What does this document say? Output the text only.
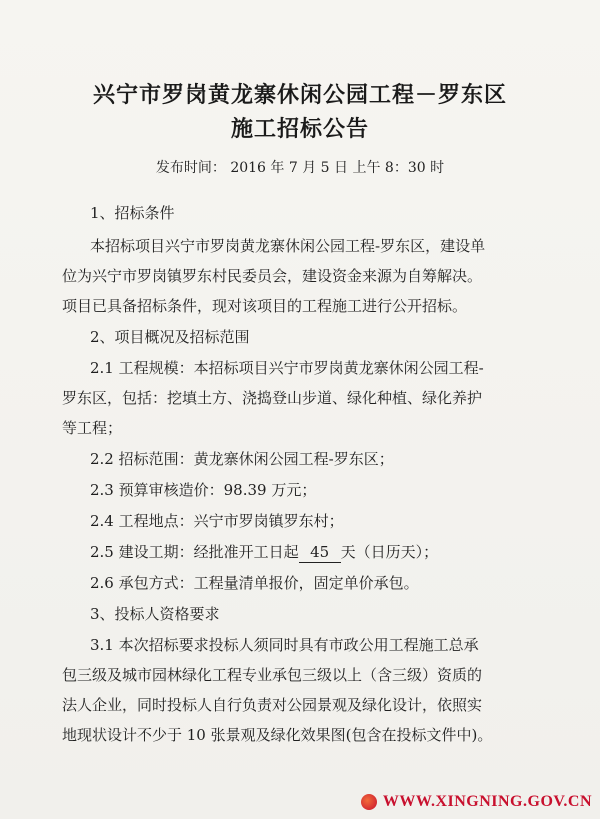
兴宁市罗岗黄龙寨休闲公园工程－罗东区
施工招标公告
发布时间： 2016 年 7 月 5 日 上午 8：30 时
1、招标条件
本招标项目兴宁市罗岗黄龙寨休闲公园工程-罗东区，建设单
位为兴宁市罗岗镇罗东村民委员会，建设资金来源为自筹解决。
项目已具备招标条件，现对该项目的工程施工进行公开招标。
2、项目概况及招标范围
2.1 工程规模：本招标项目兴宁市罗岗黄龙寨休闲公园工程-
罗东区，包括：挖填土方、浇捣登山步道、绿化种植、绿化养护
等工程；
2.2 招标范围：黄龙寨休闲公园工程-罗东区；
2.3 预算审核造价：98.39 万元；
2.4 工程地点：兴宁市罗岗镇罗东村；
2.5 建设工期：经批准开工日起 45 天（日历天）；
2.6 承包方式：工程量清单报价，固定单价承包。
3、投标人资格要求
3.1 本次招标要求投标人须同时具有市政公用工程施工总承
包三级及城市园林绿化工程专业承包三级以上（含三级）资质的
法人企业，同时投标人自行负责对公园景观及绿化设计，依照实
地现状设计不少于 10 张景观及绿化效果图(包含在投标文件中)。
WWW.XINGNING.GOV.CN
